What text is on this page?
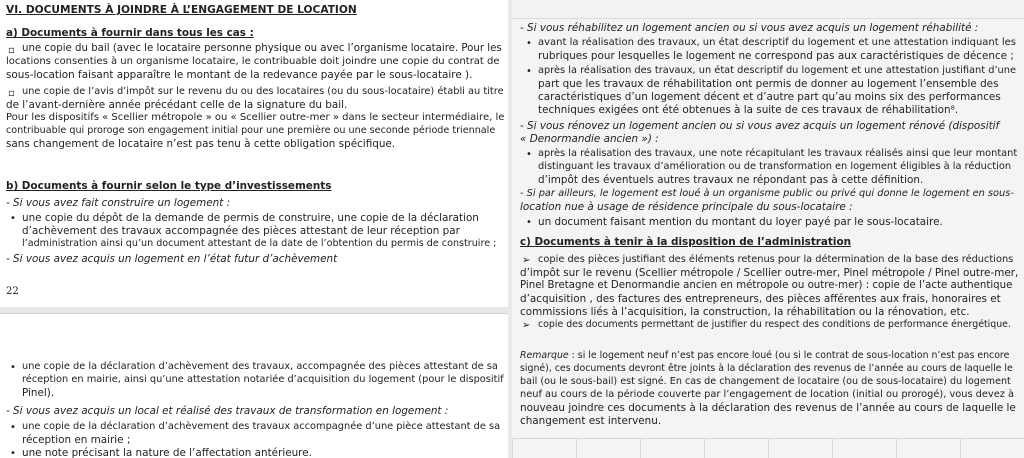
VI. DOCUMENTS À JOINDRE À L’ENGAGEMENT DE LOCATION
a) Documents à fournir dans tous les cas :
▫ une copie du bail (avec le locataire personne physique ou avec l’organisme locataire. Pour les
locations consenties à un organisme locataire, le contribuable doit joindre une copie du contrat de
sous-location faisant apparaître le montant de la redevance payée par le sous-locataire ).
▫ une copie de l’avis d’impôt sur le revenu du ou des locataires (ou du sous-locataire) établi au titre
de l’avant-dernière année précédant celle de la signature du bail.
Pour les dispositifs « Scellier métropole » ou « Scellier outre-mer » dans le secteur intermédiaire, le
contribuable qui proroge son engagement initial pour une première ou une seconde période triennale
sans changement de locataire n’est pas tenu à cette obligation spécifique.
b) Documents à fournir selon le type d’investissements
- Si vous avez fait construire un logement :
• une copie du dépôt de la demande de permis de construire, une copie de la déclaration
d’achèvement des travaux accompagnée des pièces attestant de leur réception par
l’administration ainsi qu’un document attestant de la date de l’obtention du permis de construire ;
- Si vous avez acquis un logement en l’état futur d’achèvement
22
• une copie de la déclaration d’achèvement des travaux, accompagnée des pièces attestant de sa
réception en mairie, ainsi qu’une attestation notariée d’acquisition du logement (pour le dispositif
Pinel).
- Si vous avez acquis un local et réalisé des travaux de transformation en logement :
• une copie de la déclaration d’achèvement des travaux accompagnée d’une pièce attestant de sa
réception en mairie ;
• une note précisant la nature de l’affectation antérieure.
- Si vous réhabilitez un logement ancien ou si vous avez acquis un logement réhabilité :
• avant la réalisation des travaux, un état descriptif du logement et une attestation indiquant les
rubriques pour lesquelles le logement ne correspond pas aux caractéristiques de décence ;
• après la réalisation des travaux, un état descriptif du logement et une attestation justifiant d’une
part que les travaux de réhabilitation ont permis de donner au logement l’ensemble des
caractéristiques d’un logement décent et d’autre part qu’au moins six des performances
techniques exigées ont été obtenues à la suite de ces travaux de réhabilitation⁸.
- Si vous rénovez un logement ancien ou si vous avez acquis un logement rénové (dispositif
« Denormandie ancien ») :
• après la réalisation des travaux, une note récapitulant les travaux réalisés ainsi que leur montant
distinguant les travaux d’amélioration ou de transformation en logement éligibles à la réduction
d’impôt des éventuels autres travaux ne répondant pas à cette définition.
- Si par ailleurs, le logement est loué à un organisme public ou privé qui donne le logement en sous-
location nue à usage de résidence principale du sous-locataire :
• un document faisant mention du montant du loyer payé par le sous-locataire.
c) Documents à tenir à la disposition de l’administration
➢ copie des pièces justifiant des éléments retenus pour la détermination de la base des réductions
d’impôt sur le revenu (Scellier métropole / Scellier outre-mer, Pinel métropole / Pinel outre-mer,
Pinel Bretagne et Denormandie ancien en métropole ou outre-mer) : copie de l’acte authentique
d’acquisition , des factures des entrepreneurs, des pièces afférentes aux frais, honoraires et
commissions liés à l’acquisition, la construction, la réhabilitation ou la rénovation, etc.
➢ copie des documents permettant de justifier du respect des conditions de performance énergétique.
Remarque : si le logement neuf n’est pas encore loué (ou si le contrat de sous-location n’est pas encore
signé), ces documents devront être joints à la déclaration des revenus de l’année au cours de laquelle le
bail (ou le sous-bail) est signé. En cas de changement de locataire (ou de sous-locataire) du logement
neuf au cours de la période couverte par l’engagement de location (initial ou prorogé), vous devez à
nouveau joindre ces documents à la déclaration des revenus de l’année au cours de laquelle le
changement est intervenu.
